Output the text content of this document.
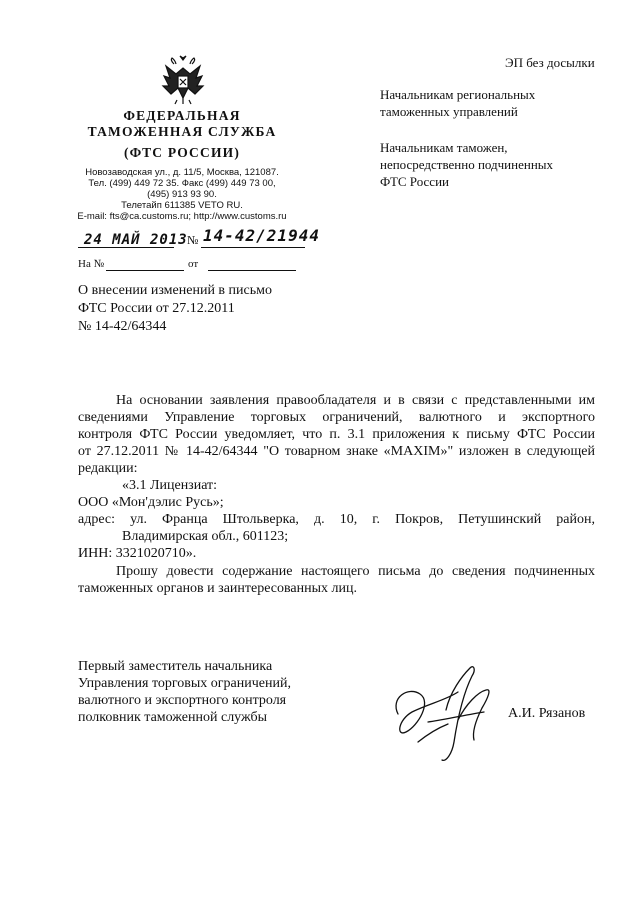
ФЕДЕРАЛЬНАЯ
ТАМОЖЕННАЯ СЛУЖБА
(ФТС РОССИИ)
Новозаводская ул., д. 11/5, Москва, 121087.
Тел. (499) 449 72 35. Факс (499) 449 73 00,
(495) 913 93 90.
Телетайп 611385 VETO RU.
E-mail: fts@ca.customs.ru; http://www.customs.ru
24 МАЙ 2013 № 14-42/21944
На №	от
О внесении изменений в письмо
ФТС России от 27.12.2011
№ 14-42/64344
ЭП без досылки
Начальникам региональных
таможенных управлений
Начальникам таможен,
непосредственно подчиненных
ФТС России
На основании заявления правообладателя и в связи с представленными им
сведениями Управление торговых ограничений, валютного и экспортного
контроля ФТС России уведомляет, что п. 3.1 приложения к письму ФТС России
от 27.12.2011 № 14-42/64344 "О товарном знаке «MAXIM»" изложен в следующей
редакции:
«3.1 Лицензиат:
ООО «Мон'дэлис Русь»;
адрес: ул. Франца Штольверка, д. 10, г. Покров, Петушинский район,
Владимирская обл., 601123;
ИНН: 3321020710».
Прошу довести содержание настоящего письма до сведения подчиненных
таможенных органов и заинтересованных лиц.
Первый заместитель начальника
Управления торговых ограничений,
валютного и экспортного контроля
полковник таможенной службы	А.И. Рязанов
